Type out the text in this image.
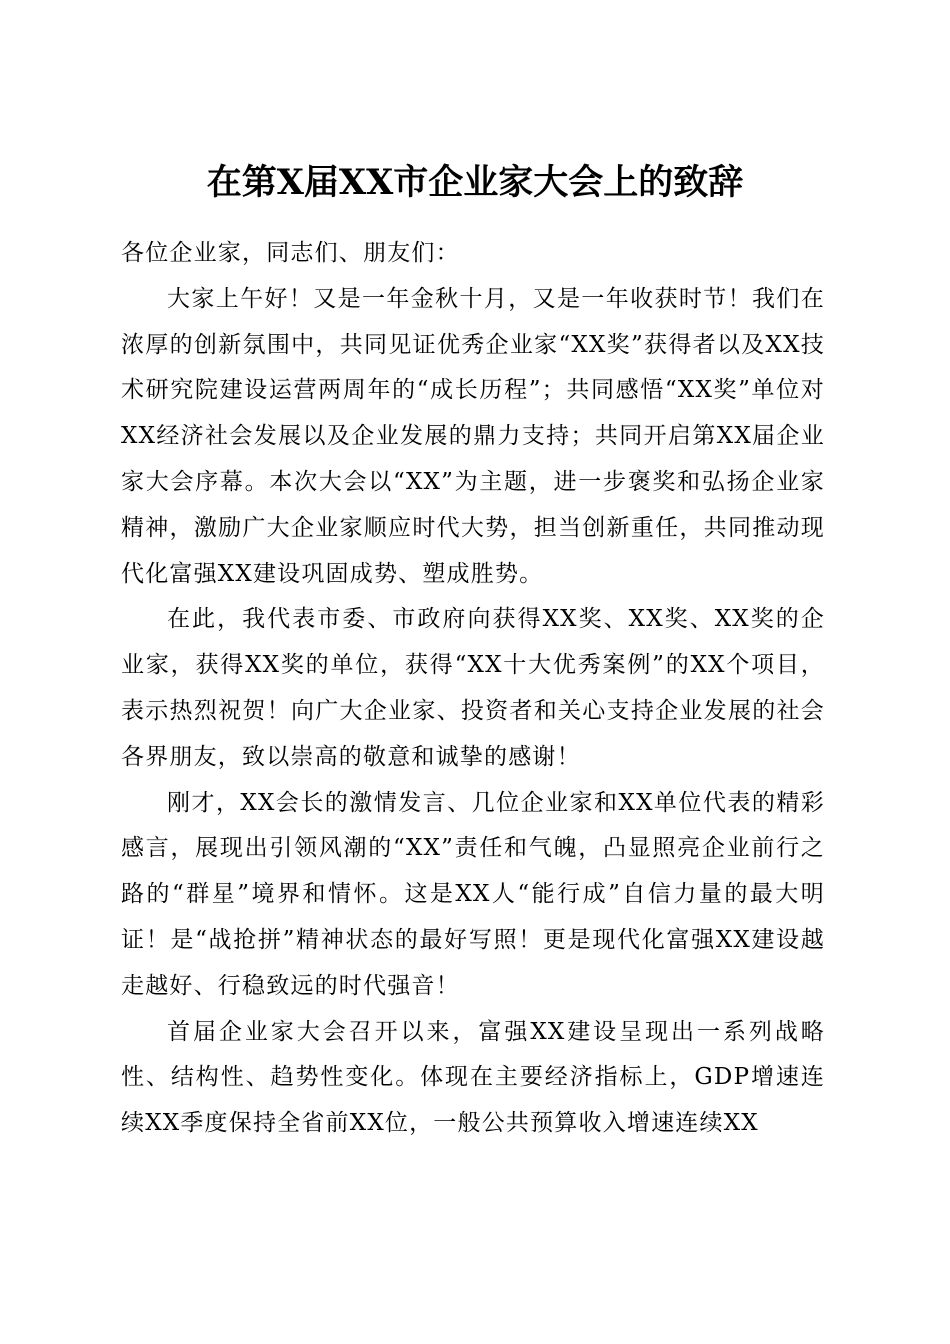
在第X届XX市企业家大会上的致辞

各位企业家，同志们、朋友们：

大家上午好！又是一年金秋十月，又是一年收获时节！我们在浓厚的创新氛围中，共同见证优秀企业家“XX奖”获得者以及XX技术研究院建设运营两周年的“成长历程”；共同感悟“XX奖”单位对XX经济社会发展以及企业发展的鼎力支持；共同开启第XX届企业家大会序幕。本次大会以“XX”为主题，进一步褒奖和弘扬企业家精神，激励广大企业家顺应时代大势，担当创新重任，共同推动现代化富强XX建设巩固成势、塑成胜势。

在此，我代表市委、市政府向获得XX奖、XX奖、XX奖的企业家，获得XX奖的单位，获得“XX十大优秀案例”的XX个项目，表示热烈祝贺！向广大企业家、投资者和关心支持企业发展的社会各界朋友，致以崇高的敬意和诚挚的感谢！

刚才，XX会长的激情发言、几位企业家和XX单位代表的精彩感言，展现出引领风潮的“XX”责任和气魄，凸显照亮企业前行之路的“群星”境界和情怀。这是XX人“能行成”自信力量的最大明证！是“战抢拼”精神状态的最好写照！更是现代化富强XX建设越走越好、行稳致远的时代强音！

首届企业家大会召开以来，富强XX建设呈现出一系列战略性、结构性、趋势性变化。体现在主要经济指标上，GDP增速连续XX季度保持全省前XX位，一般公共预算收入增速连续XX
